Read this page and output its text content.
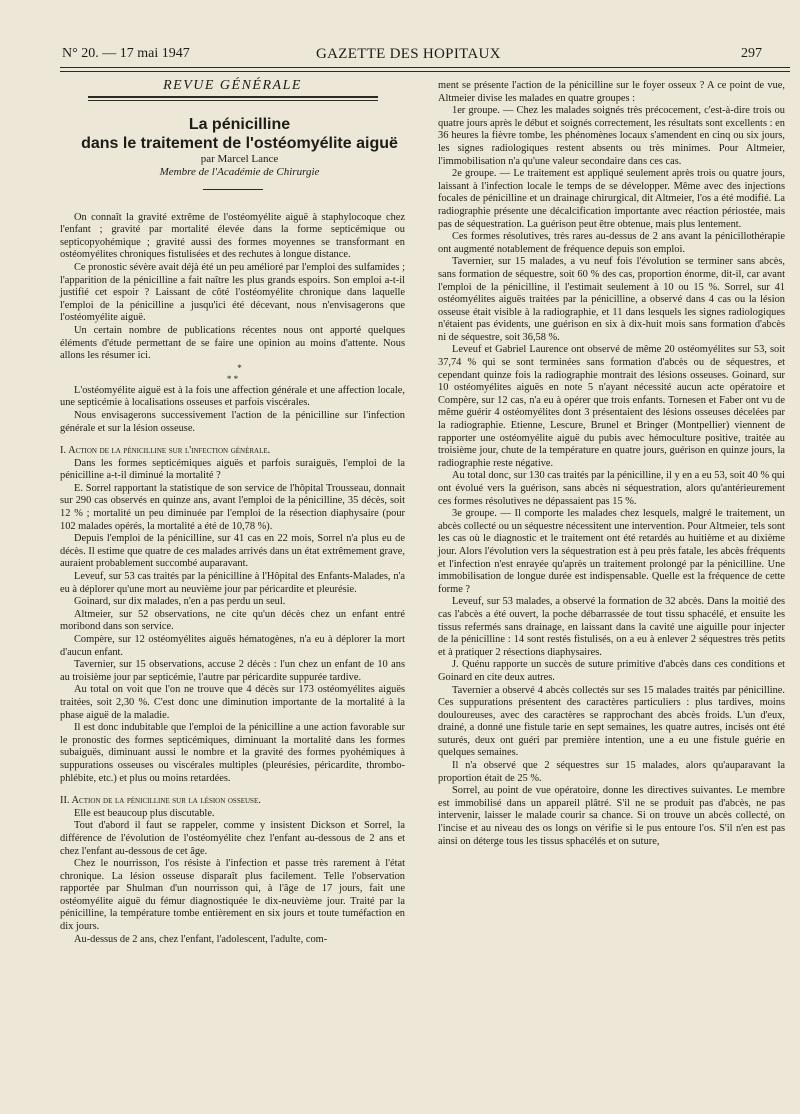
N° 20. — 17 mai 1947	GAZETTE DES HOPITAUX	297
REVUE GÉNÉRALE

La pénicilline

dans le traitement de l'ostéomyélite aiguë

par Marcel Lance

Membre de l'Académie de Chirurgie

On connaît la gravité extrême de l'ostéomyélite aiguë à staphylocoque chez l'enfant ; gravité par mortalité élevée dans la forme septicémique ou septicopyohémique ; gravité aussi des formes moyennes se transformant en ostéomyélites chroniques fistulisées et des rechutes à longue distance.

Ce pronostic sévère avait déjà été un peu amélioré par l'emploi des sulfamides ; l'apparition de la pénicilline a fait naître les plus grands espoirs. Son emploi a-t-il justifié cet espoir ? Laissant de côté l'ostéomyélite chronique dans laquelle l'emploi de la pénicilline a jusqu'ici été décevant, nous n'envisagerons que l'ostéomyélite aiguë.

Un certain nombre de publications récentes nous ont apporté quelques éléments d'étude permettant de se faire une opinion au moins d'attente. Nous allons les résumer ici.

*
* *

L'ostéomyélite aiguë est à la fois une affection générale et une affection locale, une septicémie à localisations osseuses et parfois viscérales.

Nous envisagerons successivement l'action de la pénicilline sur l'infection générale et sur la lésion osseuse.

I. Action de la pénicilline sur l'infection générale.

Dans les formes septicémiques aiguës et parfois suraiguës, l'emploi de la pénicilline a-t-il diminué la mortalité ?

E. Sorrel rapportant la statistique de son service de l'hôpital Trousseau, donnait sur 290 cas observés en quinze ans, avant l'emploi de la pénicilline, 35 décès, soit 12 % ; mortalité un peu diminuée par l'emploi de la résection diaphysaire (pour 102 malades opérés, la mortalité a été de 10,78 %).

Depuis l'emploi de la pénicilline, sur 41 cas en 22 mois, Sorrel n'a plus eu de décès. Il estime que quatre de ces malades arrivés dans un état extrêmement grave, auraient probablement succombé auparavant.

Leveuf, sur 53 cas traités par la pénicilline à l'Hôpital des Enfants-Malades, n'a eu à déplorer qu'une mort au neuvième jour par péricardite et pleurésie.

Goinard, sur dix malades, n'en a pas perdu un seul.

Altmeier, sur 52 observations, ne cite qu'un décès chez un enfant entré moribond dans son service.

Compère, sur 12 ostéomyélites aiguës hématogènes, n'a eu à déplorer la mort d'aucun enfant.

Tavernier, sur 15 observations, accuse 2 décès : l'un chez un enfant de 10 ans au troisième jour par septicémie, l'autre par péricardite suppurée tardive.

Au total on voit que l'on ne trouve que 4 décès sur 173 ostéomyélites aiguës traitées, soit 2,30 %. C'est donc une diminution importante de la mortalité à la phase aiguë de la maladie.

Il est donc indubitable que l'emploi de la pénicilline a une action favorable sur le pronostic des formes septicémiques, diminuant la mortalité dans les formes subaiguës, diminuant aussi le nombre et la gravité des formes pyohémiques à suppurations osseuses ou viscérales multiples (pleurésies, péricardite, thrombo-phlébite, etc.) et plus ou moins retardées.

II. Action de la pénicilline sur la lésion osseuse.

Elle est beaucoup plus discutable.

Tout d'abord il faut se rappeler, comme y insistent Dickson et Sorrel, la différence de l'évolution de l'ostéomyélite chez l'enfant au-dessous de 2 ans et chez l'enfant au-dessous de cet âge.

Chez le nourrisson, l'os résiste à l'infection et passe très rarement à l'état chronique. La lésion osseuse disparaît plus facilement. Telle l'observation rapportée par Shulman d'un nourrisson qui, à l'âge de 17 jours, fait une ostéomyélite aiguë du fémur diagnostiquée le dix-neuvième jour. Traité par la pénicilline, la température tombe entièrement en six jours et toute tuméfaction en dix jours.

Au-dessus de 2 ans, chez l'enfant, l'adolescent, l'adulte, com-

ment se présente l'action de la pénicilline sur le foyer osseux ? A ce point de vue, Altmeier divise les malades en quatre groupes :

1er groupe. — Chez les malades soignés très précocement, c'est-à-dire trois ou quatre jours après le début et soignés correctement, les résultats sont excellents : en 36 heures la fièvre tombe, les phénomènes locaux s'amendent en cinq ou six jours, les signes radiologiques restent absents ou très minimes. Pour Altmeier, l'immobilisation n'a qu'une valeur secondaire dans ces cas.

2e groupe. — Le traitement est appliqué seulement après trois ou quatre jours, laissant à l'infection locale le temps de se développer. Même avec des injections focales de pénicilline et un drainage chirurgical, dit Altmeier, l'os a été modifié. La radiographie présente une décalcification importante avec réaction périostée, mais pas de séquestration. La guérison peut être obtenue, mais plus lentement.

Ces formes résolutives, très rares au-dessus de 2 ans avant la pénicillothérapie ont augmenté notablement de fréquence depuis son emploi.

Tavernier, sur 15 malades, a vu neuf fois l'évolution se terminer sans abcès, sans formation de séquestre, soit 60 % des cas, proportion énorme, dit-il, car avant l'emploi de la pénicilline, il l'estimait seulement à 10 ou 15 %. Sorrel, sur 41 ostéomyélites aiguës traitées par la pénicilline, a observé dans 4 cas ou la lésion osseuse était visible à la radiographie, et 11 dans lesquels les signes radiologiques n'étaient pas évidents, une guérison en six à dix-huit mois sans formation d'abcès ni de séquestre, soit 36,58 %.

Leveuf et Gabriel Laurence ont observé de même 20 ostéomyélites sur 53, soit 37,74 % qui se sont terminées sans formation d'abcès ou de séquestres, et cependant quinze fois la radiographie montrait des lésions osseuses. Goinard, sur 10 ostéomyélites aiguës en note 5 n'ayant nécessité aucun acte opératoire et Compère, sur 12 cas, n'a eu à opérer que trois enfants. Tornesen et Faber ont vu de même guérir 4 ostéomyélites dont 3 présentaient des lésions osseuses décelées par la radiographie. Etienne, Lescure, Brunel et Bringer (Montpellier) viennent de rapporter une ostéomyélite aiguë du pubis avec hémoculture positive, traitée au troisième jour, chute de la température en quatre jours, guérison en quinze jours, la radiographie reste négative.

Au total donc, sur 130 cas traités par la pénicilline, il y en a eu 53, soit 40 % qui ont évolué vers la guérison, sans abcès ni séquestration, alors qu'antérieurement ces formes résolutives ne dépassaient pas 15 %.

3e groupe. — Il comporte les malades chez lesquels, malgré le traitement, un abcès collecté ou un séquestre nécessitent une intervention. Pour Altmeier, tels sont les cas où le diagnostic et le traitement ont été retardés au huitième et au dixième jour. Alors l'évolution vers la séquestration est à peu près fatale, les abcès fréquents et l'infection n'est enrayée qu'après un traitement prolongé par la pénicilline. Une immobilisation de longue durée est indispensable. Quelle est la fréquence de cette forme ?

Leveuf, sur 53 malades, a observé la formation de 32 abcès. Dans la moitié des cas l'abcès a été ouvert, la poche débarrassée de tout tissu sphacélé, et ensuite les tissus refermés sans drainage, en laissant dans la cavité une aiguille pour injecter de la pénicilline : 14 sont restés fistulisés, on a eu à enlever 2 séquestres très petits et à pratiquer 2 résections diaphysaires.

J. Quénu rapporte un succès de suture primitive d'abcès dans ces conditions et Goinard en cite deux autres.

Tavernier a observé 4 abcès collectés sur ses 15 malades traités par pénicilline. Ces suppurations présentent des caractères particuliers : plus tardives, moins douloureuses, avec des caractères se rapprochant des abcès froids. L'un d'eux, drainé, a donné une fistule tarie en sept semaines, les quatre autres, incisés ont été suturés, deux ont guéri par première intention, une a eu une fistule guérie en quelques semaines.

Il n'a observé que 2 séquestres sur 15 malades, alors qu'auparavant la proportion était de 25 %.

Sorrel, au point de vue opératoire, donne les directives suivantes. Le membre est immobilisé dans un appareil plâtré. S'il ne se produit pas d'abcès, ne pas intervenir, laisser le malade courir sa chance. Si on trouve un abcès collecté, on l'incise et au niveau des os longs on vérifie si le pus entoure l'os. S'il n'en est pas ainsi on déterge tous les tissus sphacélés et on suture,
